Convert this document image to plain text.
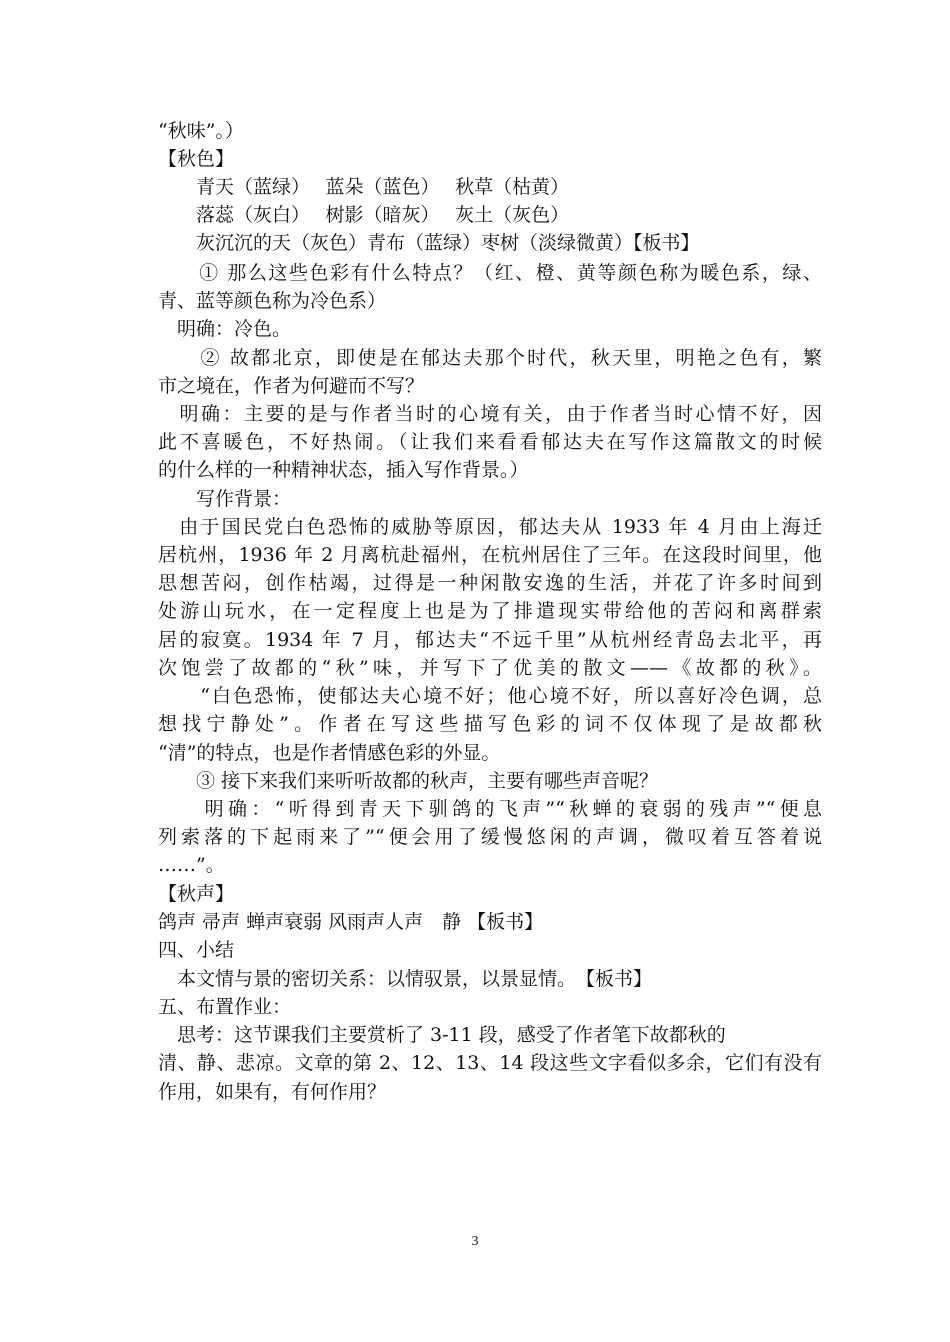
“秋味”。）
【秋色】
　　青天（蓝绿）　 蓝朵（蓝色）　 秋草（枯黄）
　　落蕊（灰白）　 树影（暗灰）　 灰土（灰色）
　　灰沉沉的天（灰色）青布（蓝绿）枣树（淡绿微黄）【板书】
　　① 那么这些色彩有什么特点？（红、橙、黄等颜色称为暖色系，绿、
青、蓝等颜色称为冷色系）
　明确：冷色。
　　② 故都北京，即使是在郁达夫那个时代，秋天里，明艳之色有，繁
市之境在，作者为何避而不写？
　明确：主要的是与作者当时的心境有关，由于作者当时心情不好，因
此不喜暖色，不好热闹。（让我们来看看郁达夫在写作这篇散文的时候
的什么样的一种精神状态，插入写作背景。）
　　写作背景：
　由于国民党白色恐怖的威胁等原因，郁达夫从 1933 年 4 月由上海迁
居杭州，1936 年 2 月离杭赴福州，在杭州居住了三年。在这段时间里，他
思想苦闷，创作枯竭，过得是一种闲散安逸的生活，并花了许多时间到
处游山玩水，在一定程度上也是为了排遣现实带给他的苦闷和离群索
居的寂寞。1934 年 7 月，郁达夫“不远千里”从杭州经青岛去北平，再
次饱尝了故都的“秋”味，并写下了优美的散文——《故都的秋》。
　　“白色恐怖，使郁达夫心境不好；他心境不好，所以喜好冷色调，总
想找宁静处”。作者在写这些描写色彩的词不仅体现了是故都秋
“清”的特点，也是作者情感色彩的外显。
　　③ 接下来我们来听听故都的秋声，主要有哪些声音呢？
　　明确：“听得到青天下驯鸽的飞声”“秋蝉的衰弱的残声”“便息
列索落的下起雨来了”“便会用了缓慢悠闲的声调，微叹着互答着说
……”。
【秋声】
鸽声 帚声 蝉声衰弱 风雨声人声　静 【板书】
四、小结
　本文情与景的密切关系：以情驭景，以景显情。　【板书】
五、布置作业：
　思考：这节课我们主要赏析了 3-11 段，感受了作者笔下故都秋的
清、静、悲凉。文章的第 2、12、13、14 段这些文字看似多余，它们有没有
作用，如果有，有何作用？
3
